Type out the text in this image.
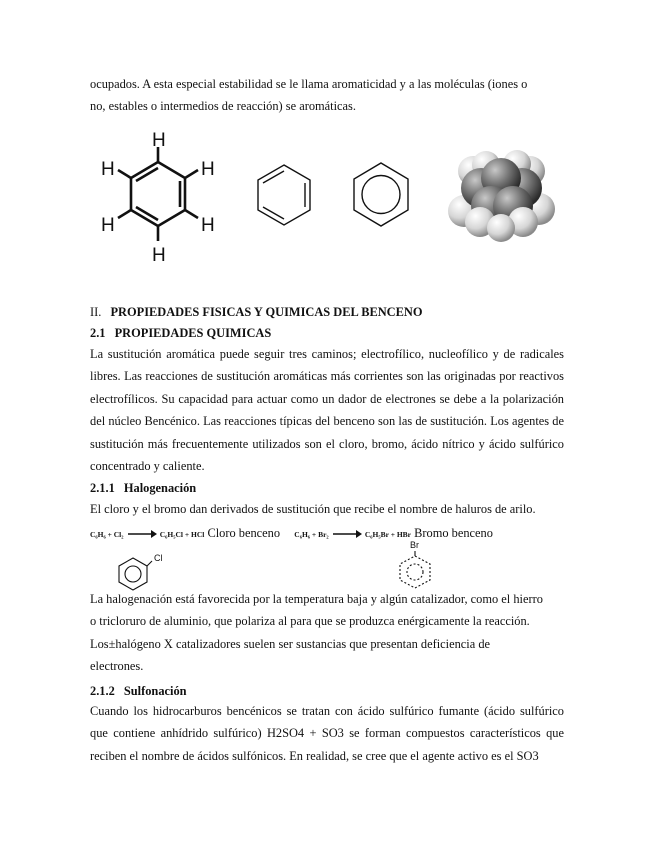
ocupados. A esta especial estabilidad se le llama aromaticidad y a las moléculas (iones o

no, estables o intermedios de reacción) se aromáticas.

H
H
H
H
H
H
Cl
Br
II. PROPIEDADES FISICAS Y QUIMICAS DEL BENCENO
2.1 PROPIEDADES QUIMICAS

La sustitución aromática puede seguir tres caminos; electrofílico, nucleofílico y de radicales libres. Las reacciones de sustitución aromáticas más corrientes son las originadas por reactivos electrofílicos. Su capacidad para actuar como un dador de electrones se debe a la polarización del núcleo Bencénico. Las reacciones típicas del benceno son las de sustitución. Los agentes de sustitución más frecuentemente utilizados son el cloro, bromo, ácido nítrico y ácido sulfúrico concentrado y caliente.

2.1.1 Halogenación

El cloro y el bromo dan derivados de sustitución que recibe el nombre de haluros de arilo.

C₆H₆ + Cl₂	C₆H₅Cl + HCl Cloro benceno C₆H₆ + Br₂	C₆H₅Br + HBr Bromo benceno

La halogenación está favorecida por la temperatura baja y algún catalizador, como el hierro

o tricloruro de aluminio, que polariza al para que se produzca enérgicamente la reacción.

Los±halógeno X catalizadores suelen ser sustancias que presentan deficiencia de

electrones.

2.1.2 Sulfonación

Cuando los hidrocarburos bencénicos se tratan con ácido sulfúrico fumante (ácido sulfúrico que contiene anhídrido sulfúrico) H2SO4 + SO3 se forman compuestos característicos que reciben el nombre de ácidos sulfónicos. En realidad, se cree que el agente activo es el SO3
